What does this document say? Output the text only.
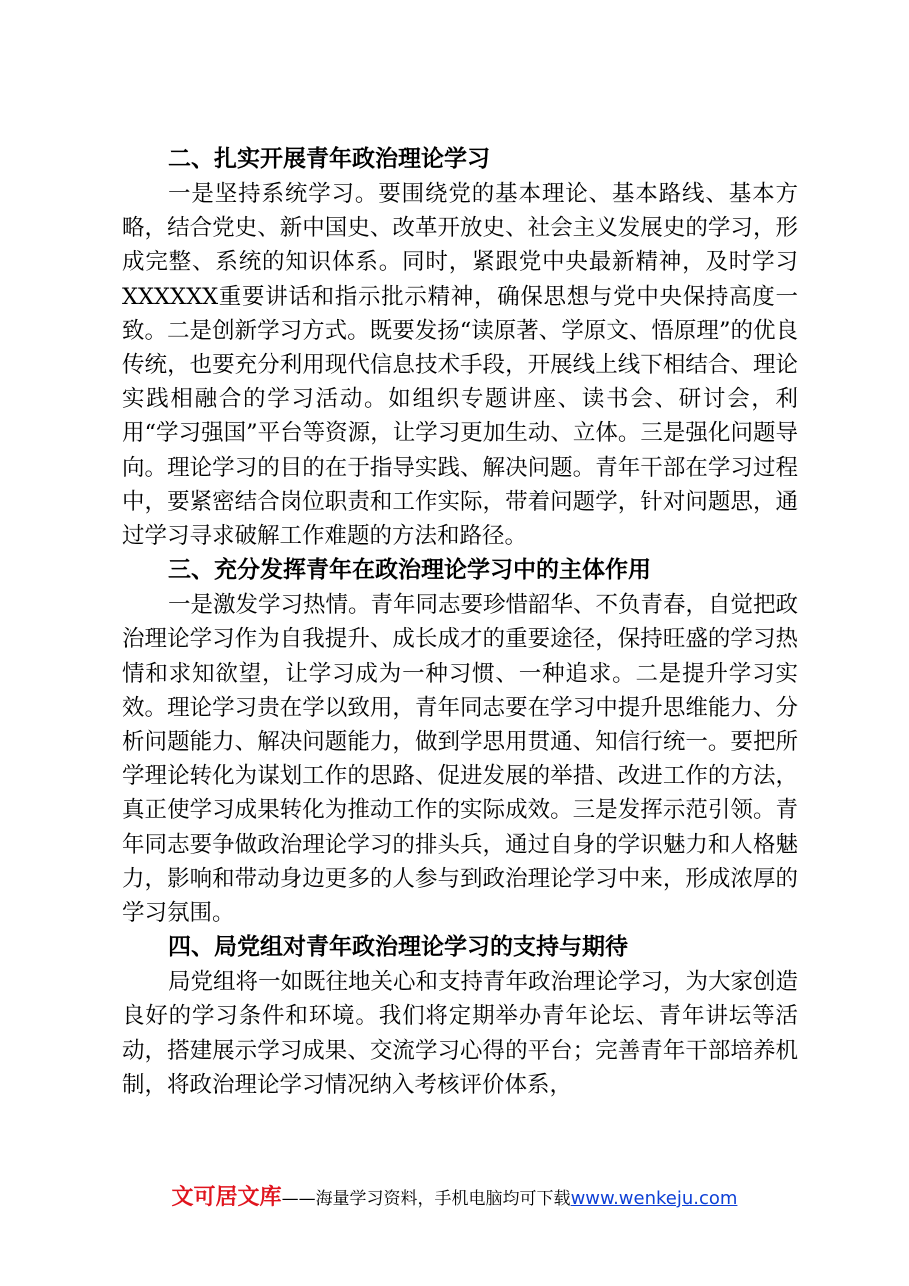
二、扎实开展青年政治理论学习

一是坚持系统学习。要围绕党的基本理论、基本路线、基本方略，结合党史、新中国史、改革开放史、社会主义发展史的学习，形成完整、系统的知识体系。同时，紧跟党中央最新精神，及时学习XXXXXX重要讲话和指示批示精神，确保思想与党中央保持高度一致。二是创新学习方式。既要发扬“读原著、学原文、悟原理”的优良传统，也要充分利用现代信息技术手段，开展线上线下相结合、理论实践相融合的学习活动。如组织专题讲座、读书会、研讨会，利用“学习强国”平台等资源，让学习更加生动、立体。三是强化问题导向。理论学习的目的在于指导实践、解决问题。青年干部在学习过程中，要紧密结合岗位职责和工作实际，带着问题学，针对问题思，通过学习寻求破解工作难题的方法和路径。

三、充分发挥青年在政治理论学习中的主体作用

一是激发学习热情。青年同志要珍惜韶华、不负青春，自觉把政治理论学习作为自我提升、成长成才的重要途径，保持旺盛的学习热情和求知欲望，让学习成为一种习惯、一种追求。二是提升学习实效。理论学习贵在学以致用，青年同志要在学习中提升思维能力、分析问题能力、解决问题能力，做到学思用贯通、知信行统一。要把所学理论转化为谋划工作的思路、促进发展的举措、改进工作的方法，真正使学习成果转化为推动工作的实际成效。三是发挥示范引领。青年同志要争做政治理论学习的排头兵，通过自身的学识魅力和人格魅力，影响和带动身边更多的人参与到政治理论学习中来，形成浓厚的学习氛围。

四、局党组对青年政治理论学习的支持与期待

局党组将一如既往地关心和支持青年政治理论学习，为大家创造良好的学习条件和环境。我们将定期举办青年论坛、青年讲坛等活动，搭建展示学习成果、交流学习心得的平台；完善青年干部培养机制，将政治理论学习情况纳入考核评价体系，

文可居文库——海量学习资料，手机电脑均可下载www.wenkeju.com
